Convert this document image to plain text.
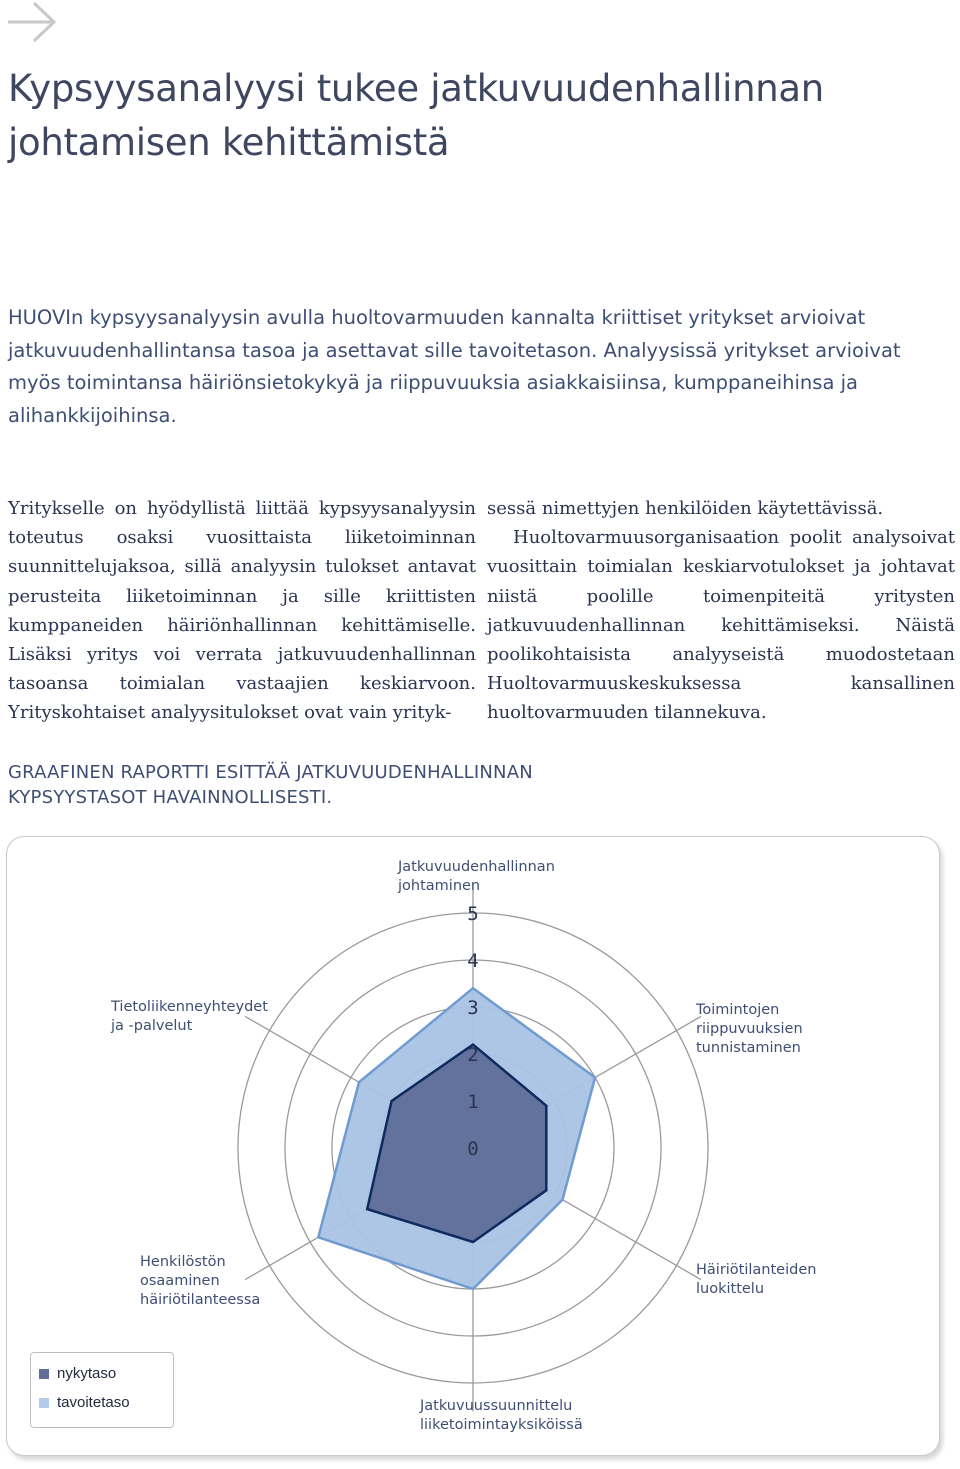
Kypsyysanalyysi tukee jatkuvuudenhallinnan
johtamisen kehittämistä

HUOVIn kypsyysanalyysin avulla huoltovarmuuden kannalta kriittiset yritykset arvioivat jatkuvuudenhallintansa tasoa ja asettavat sille tavoitetason. Analyysissä yritykset arvioivat myös toimintansa häiriönsietokykyä ja riippuvuuksia asiakkaisiinsa, kumppaneihinsa ja alihankkijoihinsa.

Yritykselle on hyödyllistä liittää kypsyysanalyysin toteutus osaksi vuosittaista liiketoiminnan suunnittelujaksoa, sillä analyysin tulokset antavat perusteita liiketoiminnan ja sille kriittisten kumppaneiden häiriönhallinnan kehittämiselle. Lisäksi yritys voi verrata jatkuvuudenhallinnan tasoansa toimialan vastaajien keskiarvoon. Yrityskohtaiset analyysitulokset ovat vain yrityk-

sessä nimettyjen henkilöiden käytettävissä.

Huoltovarmuusorganisaation poolit analysoivat vuosittain toimialan keskiarvotulokset ja johtavat niistä poolille toimenpiteitä yritysten jatkuvuudenhallinnan kehittämiseksi. Näistä poolikohtaisista analyyseistä muodostetaan Huoltovarmuuskeskuksessa kansallinen huoltovarmuuden tilannekuva.

GRAAFINEN RAPORTTI ESITTÄÄ JATKUVUUDENHALLINNAN
KYPSYYSTASOT HAVAINNOLLISESTI.
0
1
2
3
4
5
Jatkuvuudenhallinnan johtaminen
Toimintojen riippuvuuksien tunnistaminen
Häiriötilanteiden luokittelu
Jatkuvuussuunnittelu liiketoimintayksiköissä
Henkilöstön osaaminen häiriötilanteessa
Tietoliikenneyhteydet ja -palvelut
nykytaso
tavoitetaso
